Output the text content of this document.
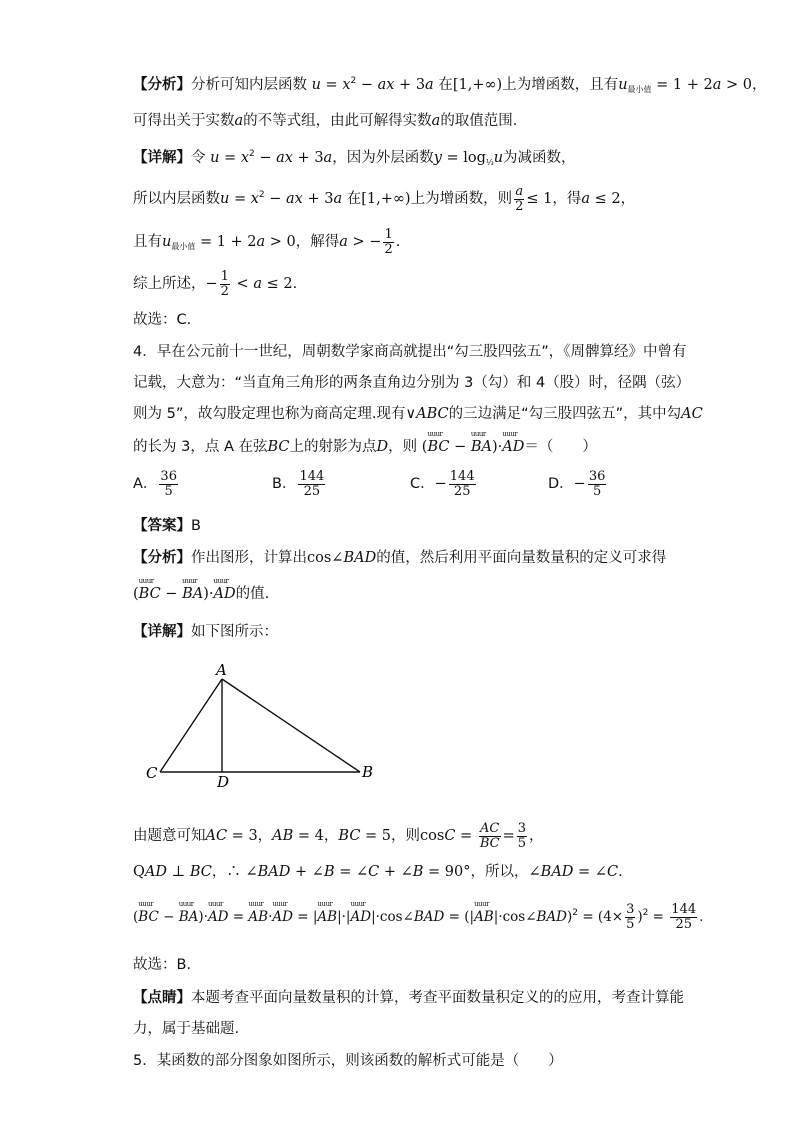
【分析】分析可知内层函数 $u = x^2$ − ax + 3a 在[1,+∞)上为增函数，且有$u_{最小值} = 1 + 2a > 0$，
可得出关于实数a的不等式组，由此可解得实数a的取值范围.
【详解】令 $u = x^2$ − ax + 3a，因为外层函数$y = \log_{\frac{1}{3}}u$为减函数，
所以内层函数$u = x^2$ − ax + 3a 在[1,+∞)上为增函数，则 $\frac{a}{2} \le 1$，得a ≤ 2，
且有$u_{最小值} = 1 + 2a > 0$，解得a > − $\frac{1}{2}$ .
综上所述，− $\frac{1}{2} < a \le 2$.
故选：C.
4．早在公元前十一世纪，周朝数学家商高就提出“勾三股四弦五”，《周髀算经》中曾有
记载，大意为：“当直角三角形的两条直角边分别为 3（勾）和 4（股）时，径隅（弦）
则为 5”，故勾股定理也称为商高定理.现有∨ABC的三边满足“勾三股四弦五”，其中勾AC
的长为 3，点 A 在弦BC上的射影为点D，则 (uuur BC − uuur BA)·uuur AD＝（　　）
A． $\frac{36}{5}$	B． $\frac{144}{25}$	C．− $\frac{144}{25}$	D．− $\frac{36}{5}$
【答案】B
【分析】作出图形，计算出cos∠BAD的值，然后利用平面向量数量积的定义可求得
(uuur BC − uuur BA)·uuur AD的值.
【详解】如下图所示：
A
B
C	D
由题意可知AC = 3，AB = 4，BC = 5，则$\cos C = \frac{AC}{BC} = \frac{3}{5}$ ，
QAD ⊥ BC，∴ ∠BAD + ∠B = ∠C + ∠B = 90°，所以，∠BAD = ∠C.
(uuur BC − uuur BA)·uuur AD = uuur AB·uuur AD = |uuur AB|·|uuur AD|·cos∠BAD = (|uuur AB|·cos∠BAD)$^2$ = $(4\times \frac{3}{5} )^2 = \frac{144}{25}$ .
故选：B.
【点睛】本题考查平面向量数量积的计算，考查平面数量积定义的的应用，考查计算能
力，属于基础题.
5．某函数的部分图象如图所示，则该函数的解析式可能是（　　）
